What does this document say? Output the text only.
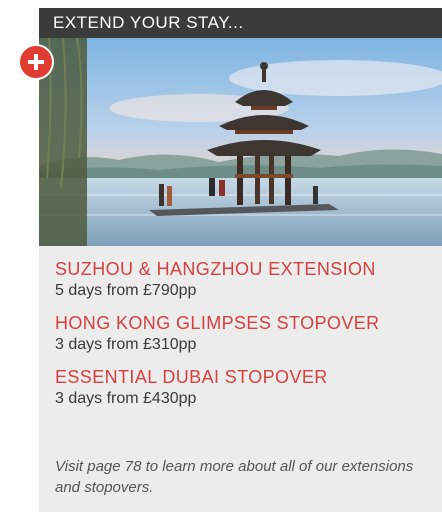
EXTEND YOUR STAY...
SUZHOU & HANGZHOU EXTENSION
5 days from £790pp
HONG KONG GLIMPSES STOPOVER
3 days from £310pp
ESSENTIAL DUBAI STOPOVER
3 days from £430pp
Visit page 78 to learn more about all of our extensions and stopovers.
